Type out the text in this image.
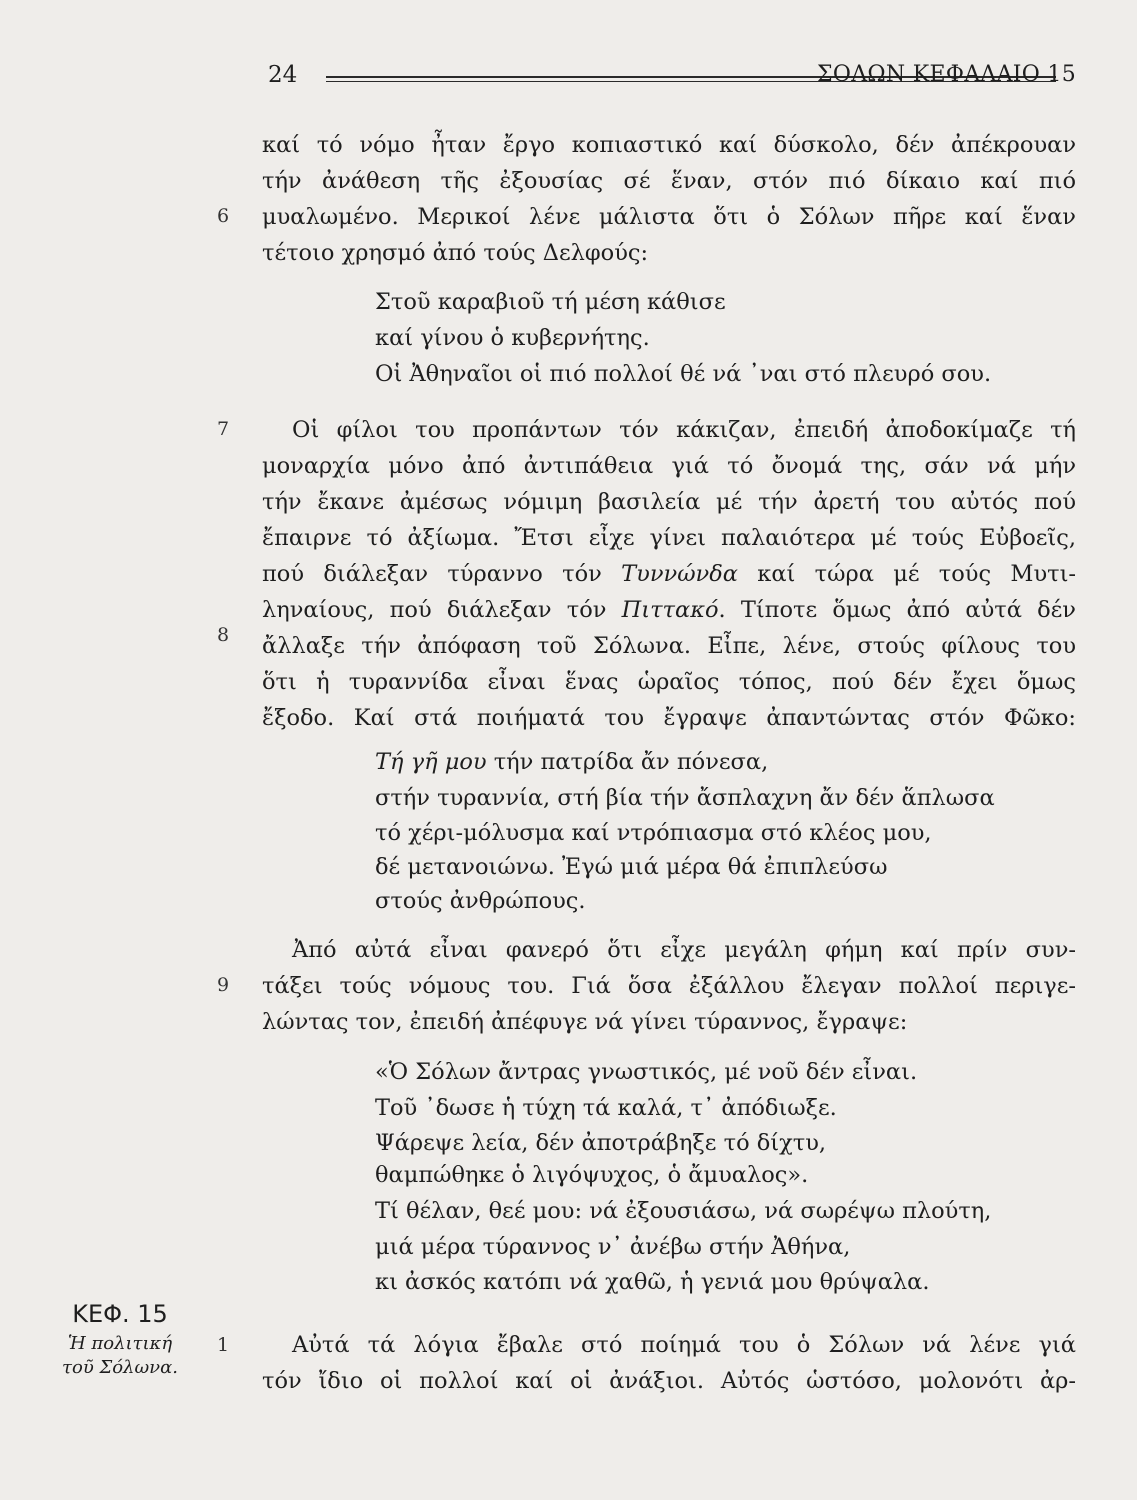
24	ΣΟΛΩΝ ΚΕΦΑΛΑΙΟ 15
καί τό νόμο ἦταν ἔργο κοπιαστικό καί δύσκολο, δέν ἀπέκρουαν
τήν ἀνάθεση τῆς ἐξουσίας σέ ἕναν, στόν πιό δίκαιο καί πιό
6 μυαλωμένο. Μερικοί λένε μάλιστα ὅτι ὁ Σόλων πῆρε καί ἕναν
τέτοιο χρησμό ἀπό τούς Δελφούς:
Στοῦ καραβιοῦ τή μέση κάθισε
καί γίνου ὁ κυβερνήτης.
Οἱ Ἀθηναῖοι οἱ πιό πολλοί θέ νά ᾽ναι στό πλευρό σου.
7	Οἱ φίλοι του προπάντων τόν κάκιζαν, ἐπειδή ἀποδοκίμαζε τή
μοναρχία μόνο ἀπό ἀντιπάθεια γιά τό ὄνομά της, σάν νά μήν
τήν ἔκανε ἀμέσως νόμιμη βασιλεία μέ τήν ἀρετή του αὐτός πού
ἔπαιρνε τό ἀξίωμα. Ἔτσι εἶχε γίνει παλαιότερα μέ τούς Εὐβοεῖς,
πού διάλεξαν τύραννο τόν Τυννώνδα καί τώρα μέ τούς Μυτι-
ληναίους, πού διάλεξαν τόν Πιττακό. Τίποτε ὅμως ἀπό αὐτά δέν
8 ἄλλαξε τήν ἀπόφαση τοῦ Σόλωνα. Εἶπε, λένε, στούς φίλους του
ὅτι ἡ τυραννίδα εἶναι ἕνας ὡραῖος τόπος, πού δέν ἔχει ὅμως
ἔξοδο. Καί στά ποιήματά του ἔγραψε ἀπαντώντας στόν Φῶκο:
Τή γῆ μου τήν πατρίδα ἄν πόνεσα,
στήν τυραννία, στή βία τήν ἄσπλαχνη ἄν δέν ἅπλωσα
τό χέρι-μόλυσμα καί ντρόπιασμα στό κλέος μου,
δέ μετανοιώνω. Ἐγώ μιά μέρα θά ἐπιπλεύσω
στούς ἀνθρώπους.
Ἀπό αὐτά εἶναι φανερό ὅτι εἶχε μεγάλη φήμη καί πρίν συν-
9 τάξει τούς νόμους του. Γιά ὅσα ἐξάλλου ἔλεγαν πολλοί περιγε-
λώντας τον, ἐπειδή ἀπέφυγε νά γίνει τύραννος, ἔγραψε:
«Ὁ Σόλων ἄντρας γνωστικός, μέ νοῦ δέν εἶναι.
Τοῦ ᾽δωσε ἡ τύχη τά καλά, τ᾽ ἀπόδιωξε.
Ψάρεψε λεία, δέν ἀποτράβηξε τό δίχτυ,
θαμπώθηκε ὁ λιγόψυχος, ὁ ἄμυαλος».
Τί θέλαν, θεέ μου: νά ἐξουσιάσω, νά σωρέψω πλούτη,
μιά μέρα τύραννος ν᾽ ἀνέβω στήν Ἀθήνα,
κι ἀσκός κατόπι νά χαθῶ, ἡ γενιά μου θρύψαλα.
ΚΕΦ. 15
Ἡ πολιτική
τοῦ Σόλωνα.
1	Αὐτά τά λόγια ἔβαλε στό ποίημά του ὁ Σόλων νά λένε γιά
τόν ἴδιο οἱ πολλοί καί οἱ ἀνάξιοι. Αὐτός ὡστόσο, μολονότι ἀρ-
